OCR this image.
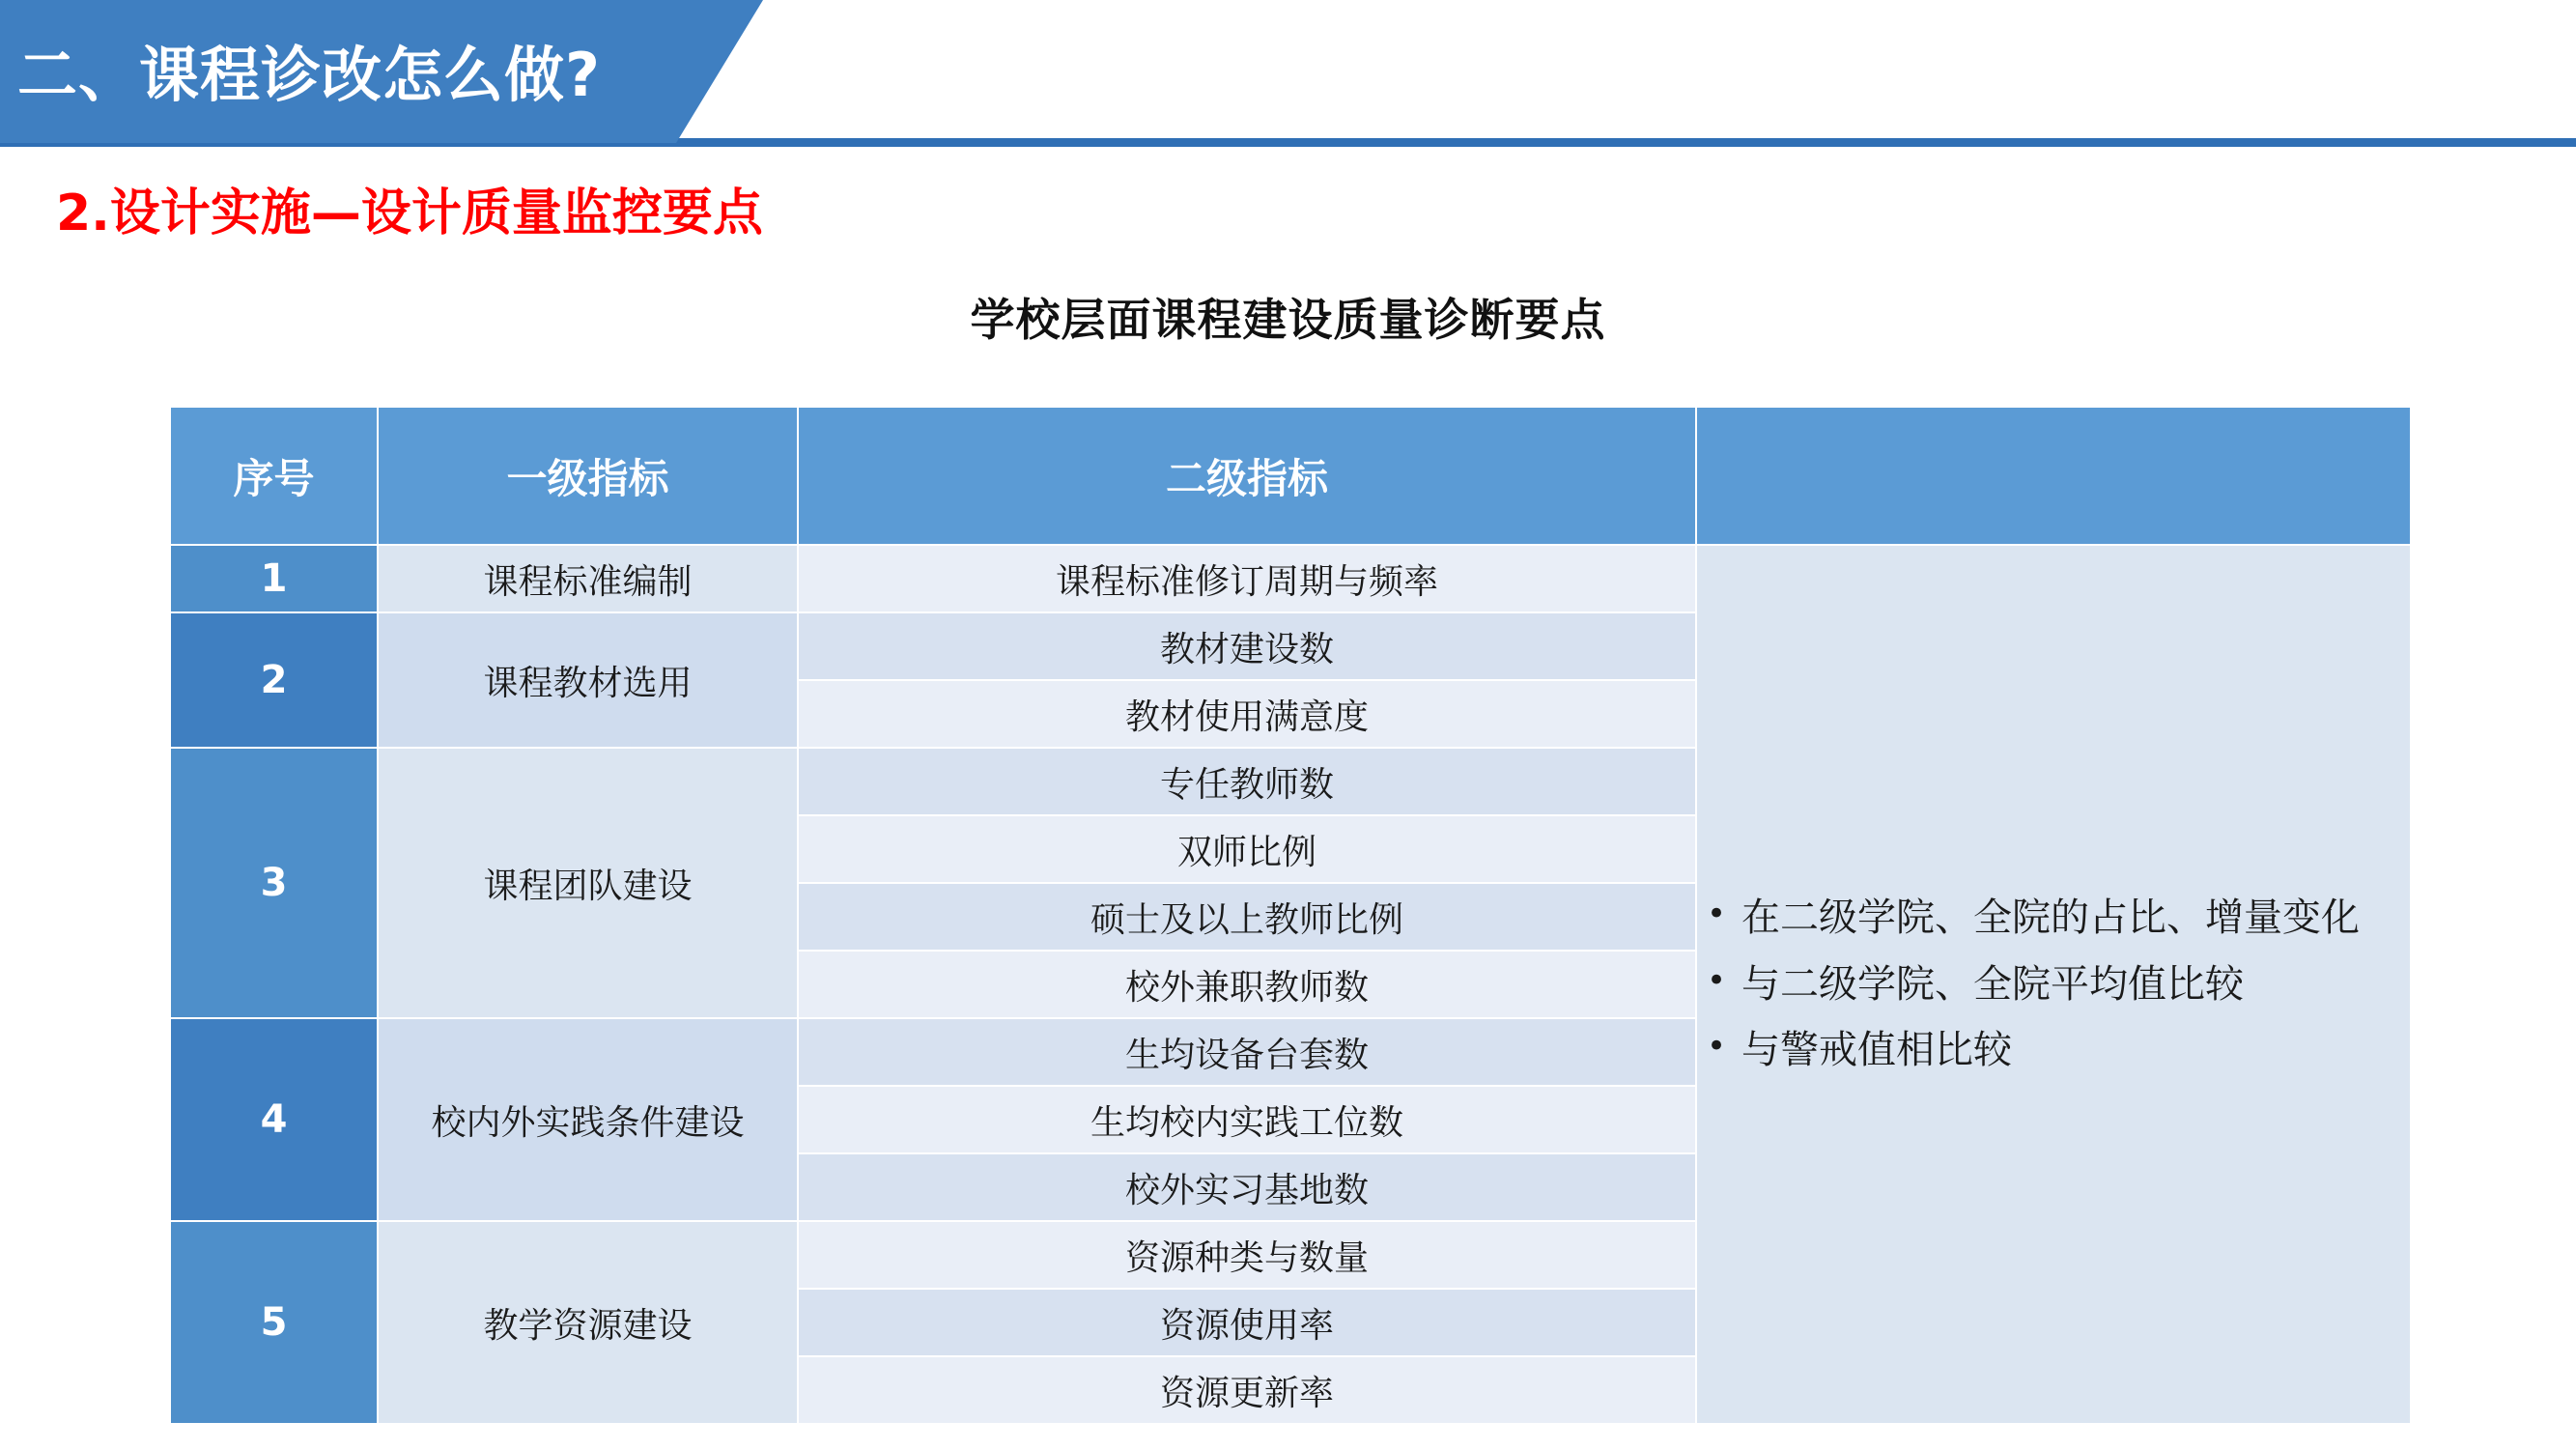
二、课程诊改怎么做?
2.设计实施—设计质量监控要点
学校层面课程建设质量诊断要点
序号	一级指标	二级指标	
1	课程标准编制	课程标准修订周期与频率	
• 在二级学院、全院的占比、增量变化
• 与二级学院、全院平均值比较
• 与警戒值相比较

2	课程教材选用	教材建设数	
		教材使用满意度	
3	课程团队建设	专任教师数	
		双师比例	
		硕士及以上教师比例	
		校外兼职教师数	
4	校内外实践条件建设	生均设备台套数	
		生均校内实践工位数	
		校外实习基地数	
5	教学资源建设	资源种类与数量	
		资源使用率	
		资源更新率	
